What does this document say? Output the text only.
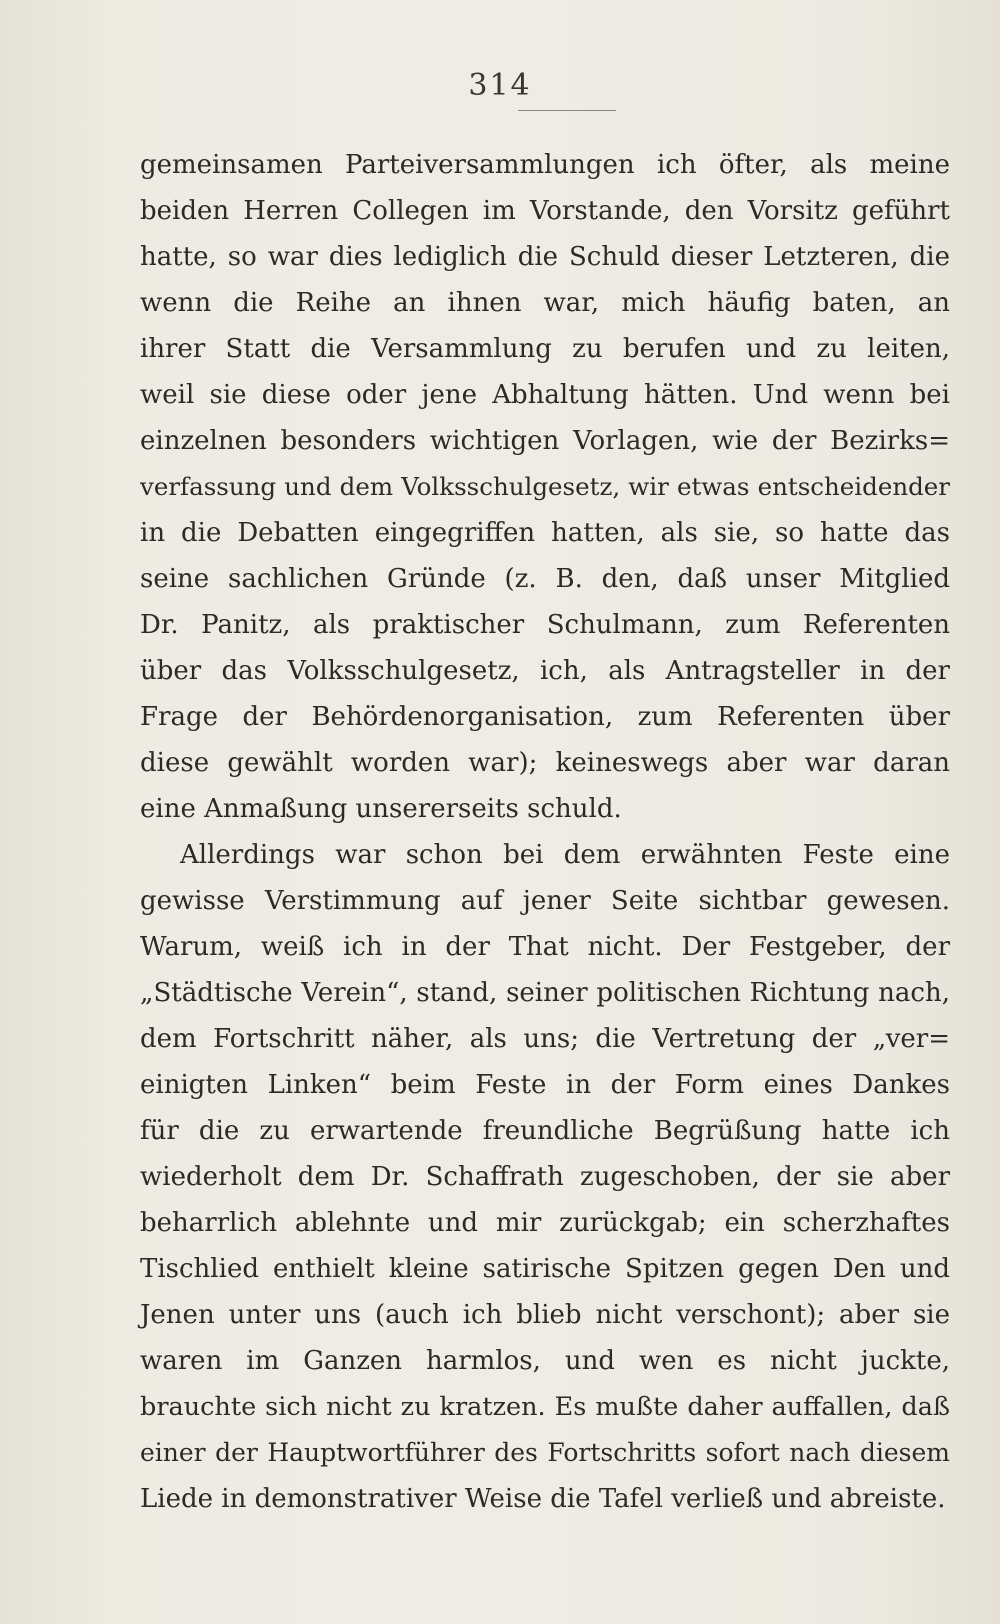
314
gemeinsamen Parteiversammlungen ich öfter, als meine
beiden Herren Collegen im Vorstande, den Vorsitz geführt
hatte, so war dies lediglich die Schuld dieser Letzteren, die
wenn die Reihe an ihnen war, mich häufig baten, an
ihrer Statt die Versammlung zu berufen und zu leiten,
weil sie diese oder jene Abhaltung hätten. Und wenn bei
einzelnen besonders wichtigen Vorlagen, wie der Bezirks=
verfassung und dem Volksschulgesetz, wir etwas entscheidender
in die Debatten eingegriffen hatten, als sie, so hatte das
seine sachlichen Gründe (z. B. den, daß unser Mitglied
Dr. Panitz, als praktischer Schulmann, zum Referenten
über das Volksschulgesetz, ich, als Antragsteller in der
Frage der Behördenorganisation, zum Referenten über
diese gewählt worden war); keineswegs aber war daran
eine Anmaßung unsererseits schuld.
Allerdings war schon bei dem erwähnten Feste eine
gewisse Verstimmung auf jener Seite sichtbar gewesen.
Warum, weiß ich in der That nicht. Der Festgeber, der
„Städtische Verein“, stand, seiner politischen Richtung nach,
dem Fortschritt näher, als uns; die Vertretung der „ver=
einigten Linken“ beim Feste in der Form eines Dankes
für die zu erwartende freundliche Begrüßung hatte ich
wiederholt dem Dr. Schaffrath zugeschoben, der sie aber
beharrlich ablehnte und mir zurückgab; ein scherzhaftes
Tischlied enthielt kleine satirische Spitzen gegen Den und
Jenen unter uns (auch ich blieb nicht verschont); aber sie
waren im Ganzen harmlos, und wen es nicht juckte,
brauchte sich nicht zu kratzen. Es mußte daher auffallen, daß
einer der Hauptwortführer des Fortschritts sofort nach diesem
Liede in demonstrativer Weise die Tafel verließ und abreiste.
